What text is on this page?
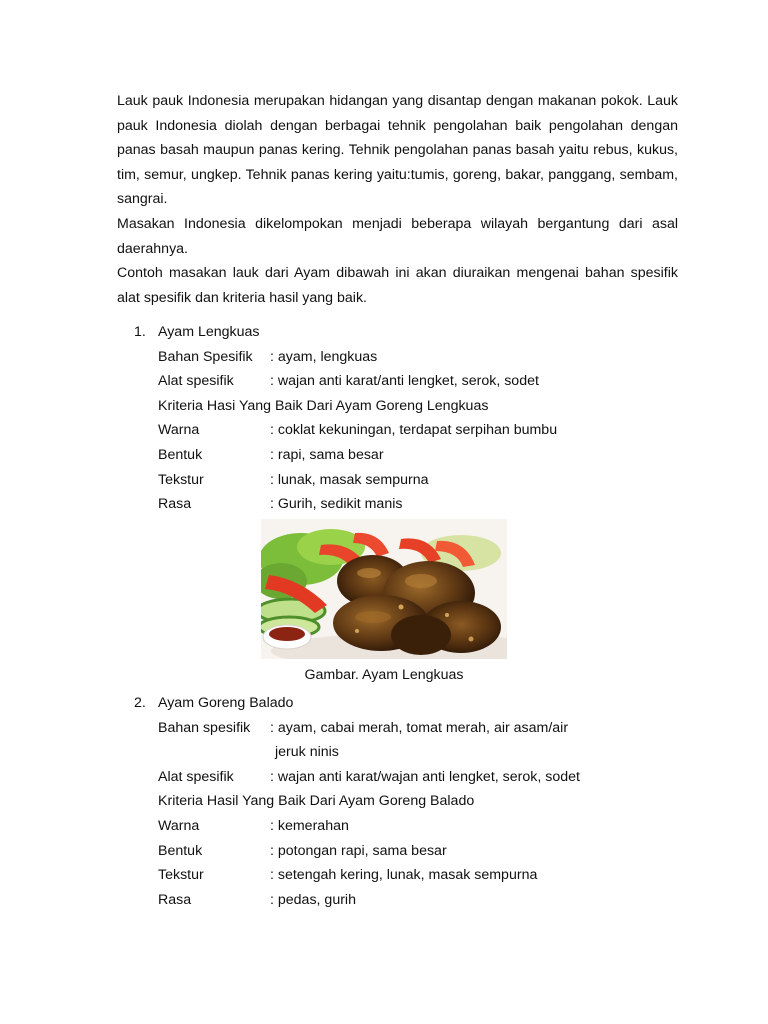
Lauk pauk Indonesia merupakan hidangan yang disantap dengan makanan pokok. Lauk pauk Indonesia diolah dengan berbagai tehnik pengolahan baik pengolahan dengan panas basah maupun panas kering. Tehnik pengolahan panas basah yaitu rebus, kukus, tim, semur, ungkep. Tehnik panas kering yaitu:tumis, goreng, bakar, panggang, sembam, sangrai.

Masakan Indonesia dikelompokan menjadi beberapa wilayah bergantung dari asal daerahnya.

Contoh masakan lauk dari Ayam dibawah ini akan diuraikan mengenai bahan spesifik alat spesifik dan kriteria hasil yang baik.

1. Ayam Lengkuas
Bahan Spesifik	: ayam, lengkuas
Alat spesifik	: wajan anti karat/anti lengket, serok, sodet
Kriteria Hasi Yang Baik Dari Ayam Goreng Lengkuas
Warna	: coklat kekuningan, terdapat serpihan bumbu
Bentuk	: rapi, sama besar
Tekstur	: lunak, masak sempurna
Rasa	: Gurih, sedikit manis
Gambar. Ayam Lengkuas
2. Ayam Goreng Balado
Bahan spesifik	: ayam, cabai merah, tomat merah, air asam/air
jeruk ninis
Alat spesifik	: wajan anti karat/wajan anti lengket, serok, sodet
Kriteria Hasil Yang Baik Dari Ayam Goreng Balado
Warna	: kemerahan
Bentuk	: potongan rapi, sama besar
Tekstur	: setengah kering, lunak, masak sempurna
Rasa	: pedas, gurih
